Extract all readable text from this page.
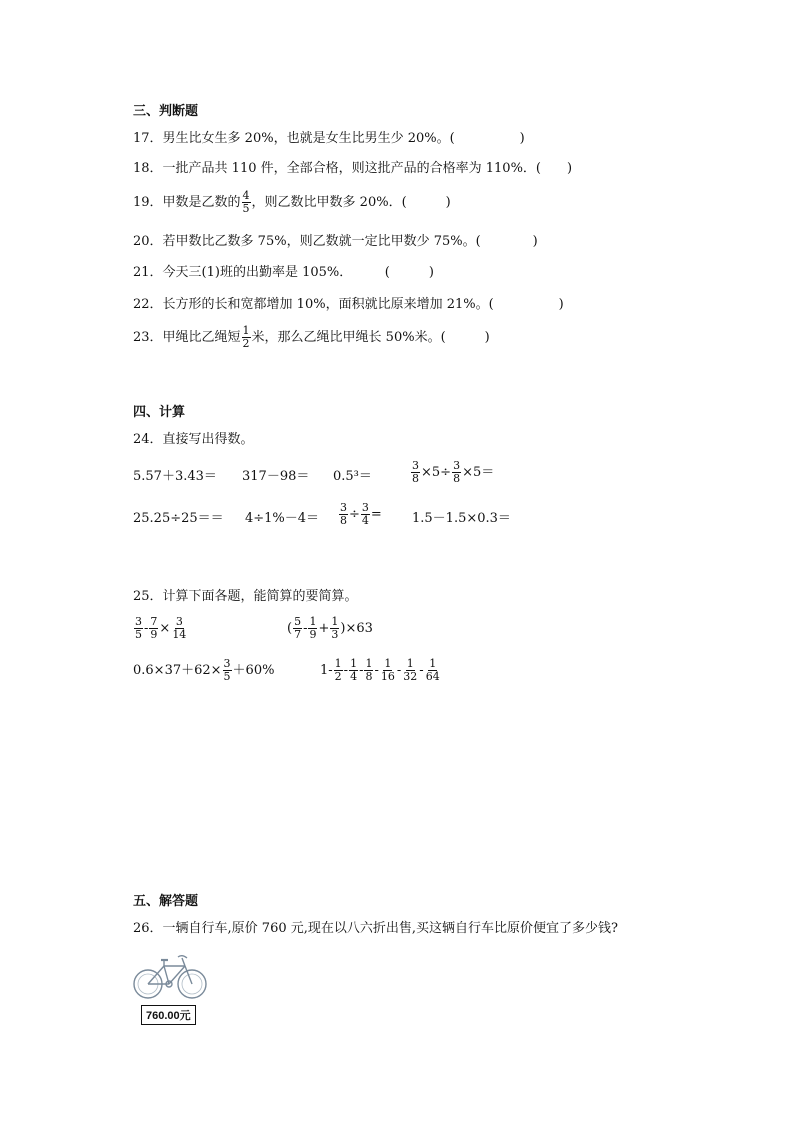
三、判断题
17．男生比女生多 20%，也就是女生比男生少 20%。(　　　　　)
18．一批产品共 110 件，全部合格，则这批产品的合格率为 110%．(　　)
19．甲数是乙数的 $\frac{4}{5}$ ，则乙数比甲数多 20%．(　　　)
20．若甲数比乙数多 75%，则乙数就一定比甲数少 75%。(　　　　)
21．今天三(1)班的出勤率是 105%．　　　(　　　)
22．长方形的长和宽都增加 10%，面积就比原来增加 21%。(　　　　　)
23．甲绳比乙绳短 $\frac{1}{2}$ 米，那么乙绳比甲绳长 50%米。(　　　)
四、计算
24．直接写出得数。
5.57＋3.43＝ 317－98＝ 0.5³＝	$\frac{3}{8} \times 5\div \frac{3}{8} \times 5=$
$25.25\div 25== 4\div 1\%-4= \frac{3}{8} \div \frac{3}{4} = 1.5-1.5\times 0.3=$
25．计算下面各题，能简算的要简算。
$\frac{3}{5} - \frac{7}{9} \times \frac{3}{14}$	( $\frac{5}{7} - \frac{1}{9} + \frac{1}{3} )\times 63$
$0.6\times 37+62\times \frac{3}{5} +60\%$	$1- \frac{1}{2} - \frac{1}{4} - \frac{1}{8} - \frac{1}{16} - \frac{1}{32} - \frac{1}{64}$
五、解答题
26．一辆自行车,原价 760 元,现在以八六折出售,买这辆自行车比原价便宜了多少钱?
760.00元
